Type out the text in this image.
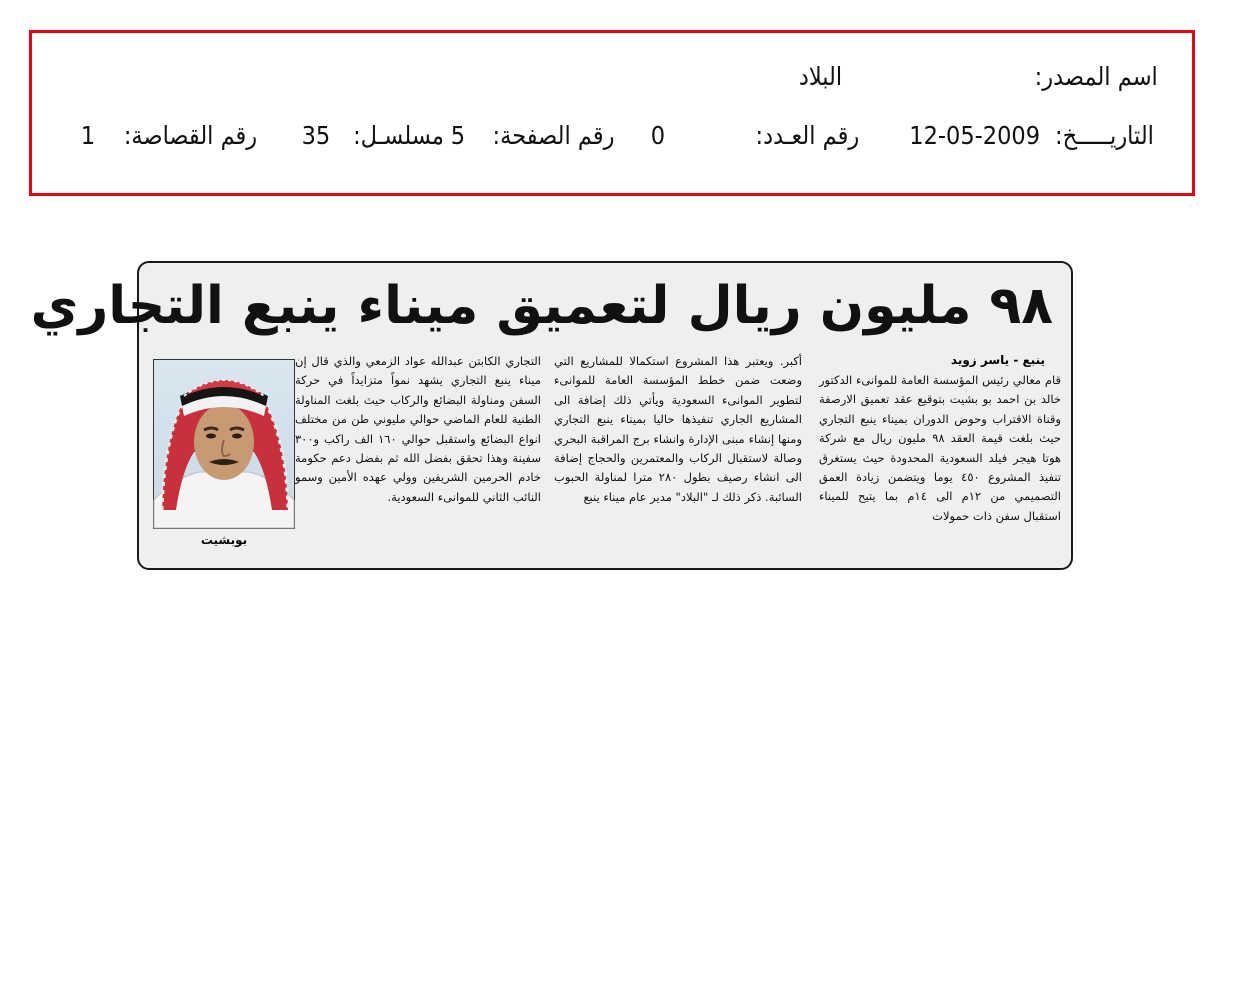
اسم المصدر:
البلاد
التاريـــــخ:
12-05-2009
رقم العـدد:
0
رقم الصفحة:
5
مسلسـل:
35
رقم القصاصة:
1
٩٨ مليون ريال لتعميق ميناء ينبع التجاري
ينبع - ياسر زويد
قام معالي رئيس المؤسسة العامة للموانىء الدكتور خالد بن احمد بو بشيت بتوقيع عقد تعميق الارصفة وقناة الاقتراب وحوض الدوران بميناء ينبع التجاري حيث بلغت قيمة العقد ٩٨ مليون ريال مع شركة هوتا هيجر فيلد السعودية المحدودة حيث يستغرق تنفيذ المشروع ٤٥٠ يوما ويتضمن زيادة العمق التصميمي من ١٢م الى ١٤م بما يتيح للميناء استقبال سفن ذات حمولات
أكبر. ويعتبر هذا المشروع استكمالا للمشاريع التي وضعت ضمن خطط المؤسسة العامة للموانىء لتطوير الموانىء السعودية ويأتي ذلك إضافة الى المشاريع الجاري تنفيذها حاليا بميناء ينبع التجاري ومنها إنشاء مبنى الإدارة وانشاء برج المراقبة البحري وصالة لاستقبال الركاب والمعتمرين والحجاج إضافة الى انشاء رصيف بطول ٢٨٠ مترا لمناولة الحبوب السائبة. ذكر ذلك لـ "البلاد" مدير عام ميناء ينبع
التجاري الكابتن عبدالله عواد الزمعي والذي قال إن ميناء ينبع التجاري يشهد نمواً متزايداً في حركة السفن ومناولة البضائع والركاب حيث بلغت المناولة الطنية للعام الماضي حوالي مليوني طن من مختلف انواع البضائع واستقبل حوالي ١٦٠ الف راكب و٣٠٠ سفينة وهذا تحقق بفضل الله ثم بفضل دعم حكومة خادم الحرمين الشريفين وولي عهده الأمين وسمو النائب الثاني للموانىء السعودية.
بوبشيت
